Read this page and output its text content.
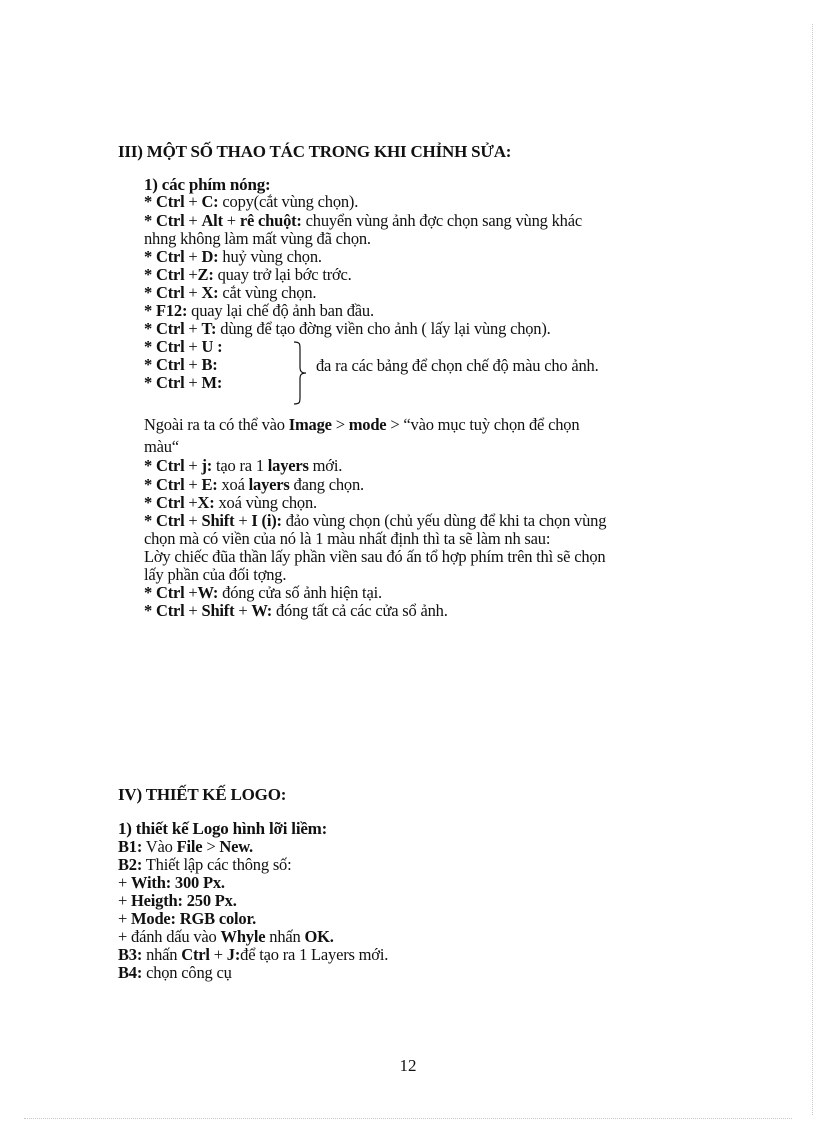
III) MỘT SỐ THAO TÁC TRONG KHI CHỈNH SỬA:
1) các phím nóng:
* Ctrl + C: copy(cắt vùng chọn).
* Ctrl + Alt + rê chuột: chuyển vùng ảnh đợc chọn sang vùng khác
nhng không làm mất vùng đã chọn.
* Ctrl + D: huỷ vùng chọn.
* Ctrl +Z: quay trở lại bớc trớc.
* Ctrl + X: cắt vùng chọn.
* F12: quay lại chế độ ảnh ban đầu.
* Ctrl + T: dùng để tạo đờng viền cho ảnh ( lấy lại vùng chọn).
* Ctrl + U :
* Ctrl + B:
* Ctrl + M:
đa ra các bảng để chọn chế độ màu cho ảnh.
Ngoài ra ta có thể vào Image > mode > “vào mục tuỳ chọn để chọn
màu“
* Ctrl + j: tạo ra 1 layers mới.
* Ctrl + E: xoá layers đang chọn.
* Ctrl +X: xoá vùng chọn.
* Ctrl + Shift + I (i): đảo vùng chọn (chủ yếu dùng để khi ta chọn vùng
chọn mà có viền của nó là 1 màu nhất định thì ta sẽ làm nh sau:
Lờy chiếc đũa thần lấy phần viền sau đó ấn tổ hợp phím trên thì sẽ chọn
lấy phần của đối tợng.
* Ctrl +W: đóng cửa số ảnh hiện tại.
* Ctrl + Shift + W: đóng tất cả các cửa sổ ảnh.
IV) THIẾT KẾ LOGO:
1) thiết kế Logo hình lỡi liềm:
B1: Vào File > New.
B2: Thiết lập các thông số:
+ With: 300 Px.
+ Heigth: 250 Px.
+ Mode: RGB color.
+ đánh dấu vào Whyle nhấn OK.
B3: nhấn Ctrl + J:để tạo ra 1 Layers mới.
B4: chọn công cụ
12
